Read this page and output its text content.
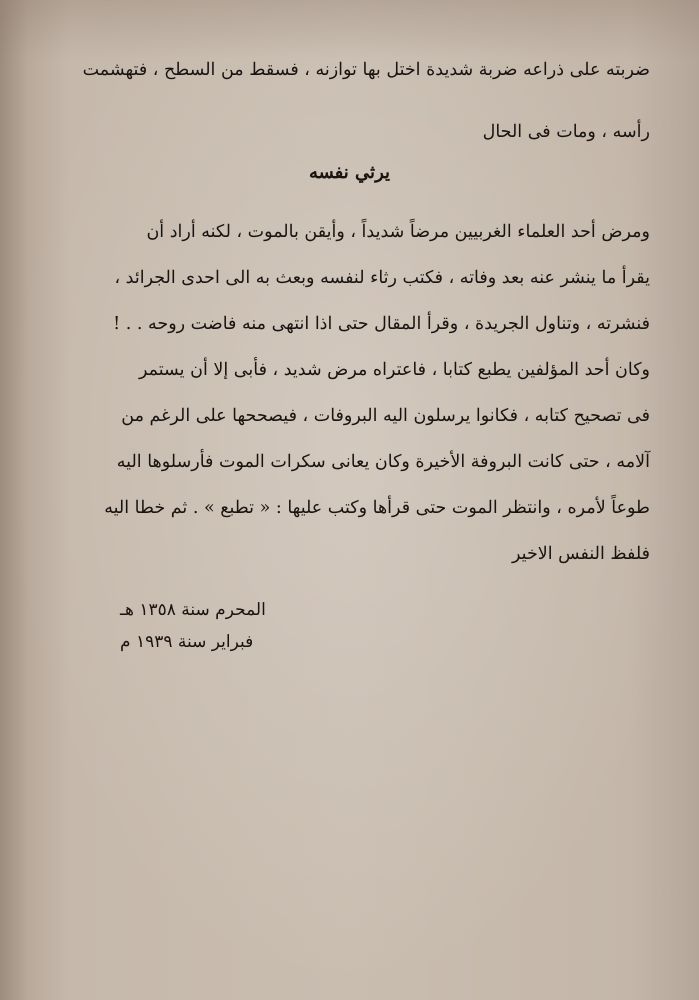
ضربته على ذراعه ضربة شديدة اختل بها توازنه ، فسقط من السطح ، فتهشمت
رأسه ، ومات فى الحال
يرثي نفسه
ومرض أحد العلماء الغربيين مرضاً شديداً ، وأيقن بالموت ، لكنه أراد أن
يقرأ ما ينشر عنه بعد وفاته ، فكتب رثاء لنفسه وبعث به الى احدى الجرائد ،
فنشرته ، وتناول الجريدة ، وقرأ المقال حتى اذا انتهى منه فاضت روحه . . !
وكان أحد المؤلفين يطبع كتابا ، فاعتراه مرض شديد ، فأبى إلا أن يستمر
فى تصحيح كتابه ، فكانوا يرسلون اليه البروفات ، فيصححها على الرغم من
آلامه ، حتى كانت البروفة الأخيرة وكان يعانى سكرات الموت فأرسلوها اليه
طوعاً لأمره ، وانتظر الموت حتى قرأها وكتب عليها : « تطبع » . ثم خطا اليه
فلفظ النفس الاخير
المحرم سنة ١٣٥٨ هـ
فبراير سنة ١٩٣٩ م
